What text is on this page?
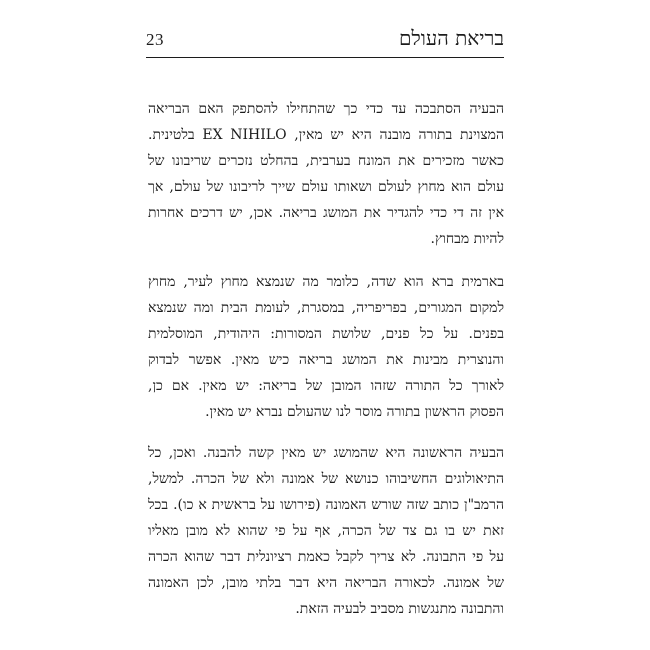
23	בריאת העולם
הבעיה הסתבכה עד כדי כך שהתחילו להסתפק האם הבריאה
המצוינת בתורה מובנה היא יש מאין, EX NIHILO בלטינית.
כאשר מזכירים את המונח בערבית, בהחלט נזכרים שריבונו של
עולם הוא מחוץ לעולם ושאותו עולם שייך לריבונו של עולם, אך
אין זה די כדי להגדיר את המושג בריאה. אכן, יש דרכים אחרות
להיות מבחוץ.
בארמית ברא הוא שדה, כלומר מה שנמצא מחוץ לעיר, מחוץ
למקום המגורים, בפריפריה, במסגרת, לעומת הבית ומה שנמצא
בפנים. על כל פנים, שלושת המסורות: היהודית, המוסלמית
והנוצרית מבינות את המושג בריאה כיש מאין. אפשר לבדוק
לאורך כל התורה שזהו המובן של בריאה: יש מאין. אם כן,
הפסוק הראשון בתורה מוסר לנו שהעולם נברא יש מאין.
הבעיה הראשונה היא שהמושג יש מאין קשה להבנה. ואכן, כל
התיאולוגים החשיבוהו כנושא של אמונה ולא של הכרה. למשל,
הרמב"ן כותב שזה שורש האמונה (פירושו על בראשית א כו). בכל
זאת יש בו גם צד של הכרה, אף על פי שהוא לא מובן מאליו
על פי התבונה. לא צריך לקבל כאמת רציונלית דבר שהוא הכרה
של אמונה. לכאורה הבריאה היא דבר בלתי מובן, לכן האמונה
והתבונה מתנגשות מסביב לבעיה הזאת.
